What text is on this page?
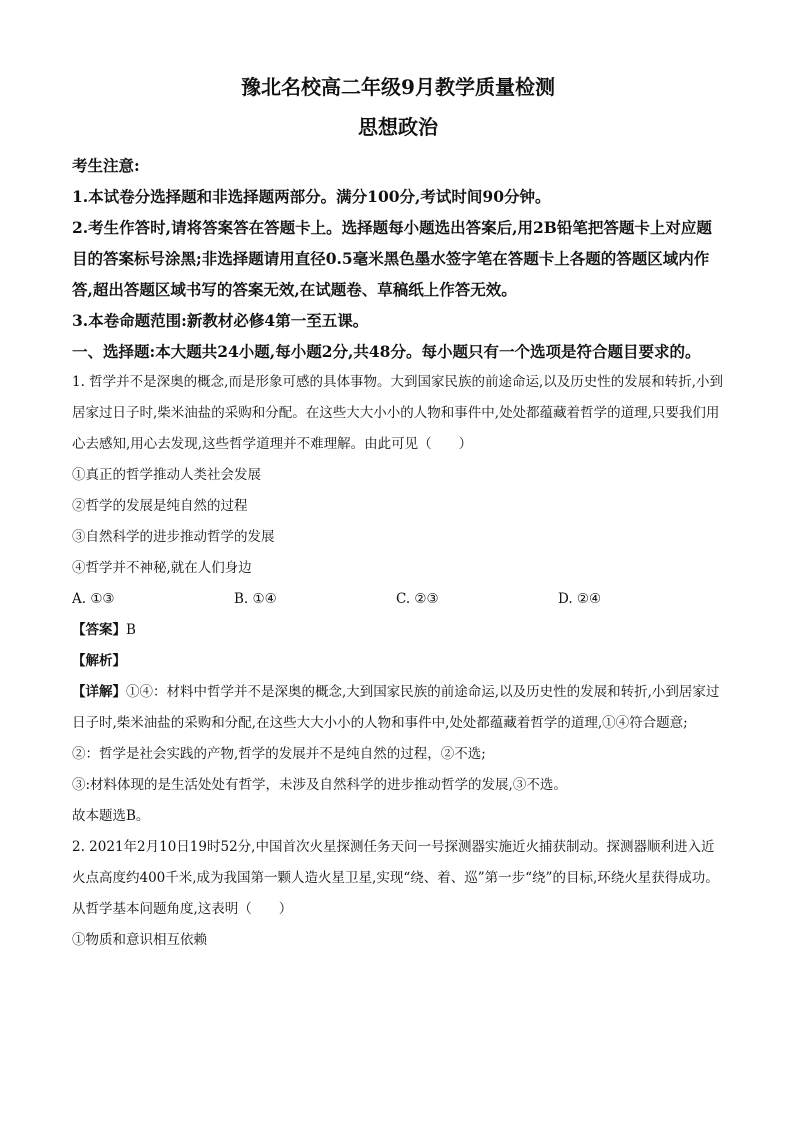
豫北名校高二年级9月教学质量检测
思想政治

考生注意:

1.本试卷分选择题和非选择题两部分。满分100分,考试时间90分钟。

2.考生作答时,请将答案答在答题卡上。选择题每小题选出答案后,用2B铅笔把答题卡上对应题目的答案标号涂黑;非选择题请用直径0.5毫米黑色墨水签字笔在答题卡上各题的答题区域内作答,超出答题区域书写的答案无效,在试题卷、草稿纸上作答无效。

3.本卷命题范围:新教材必修4第一至五课。

一、选择题:本大题共24小题,每小题2分,共48分。每小题只有一个选项是符合题目要求的。

1. 哲学并不是深奥的概念,而是形象可感的具体事物。大到国家民族的前途命运,以及历史性的发展和转折,小到居家过日子时,柴米油盐的采购和分配。在这些大大小小的人物和事件中,处处都蕴藏着哲学的道理,只要我们用心去感知,用心去发现,这些哲学道理并不难理解。由此可见（　　）

①真正的哲学推动人类社会发展

②哲学的发展是纯自然的过程

③自然科学的进步推动哲学的发展

④哲学并不神秘,就在人们身边

A. ①③	B. ①④	C. ②③	D. ②④

【答案】B

【解析】

【详解】①④：材料中哲学并不是深奥的概念,大到国家民族的前途命运,以及历史性的发展和转折,小到居家过日子时,柴米油盐的采购和分配,在这些大大小小的人物和事件中,处处都蕴藏着哲学的道理,①④符合题意;

②：哲学是社会实践的产物,哲学的发展并不是纯自然的过程，②不选;

③:材料体现的是生活处处有哲学，未涉及自然科学的进步推动哲学的发展,③不选。

故本题选B。

2. 2021年2月10日19时52分,中国首次火星探测任务天问一号探测器实施近火捕获制动。探测器顺利进入近火点高度约400千米,成为我国第一颗人造火星卫星,实现“绕、着、巡”第一步“绕”的目标,环绕火星获得成功。从哲学基本问题角度,这表明（　　）

①物质和意识相互依赖
